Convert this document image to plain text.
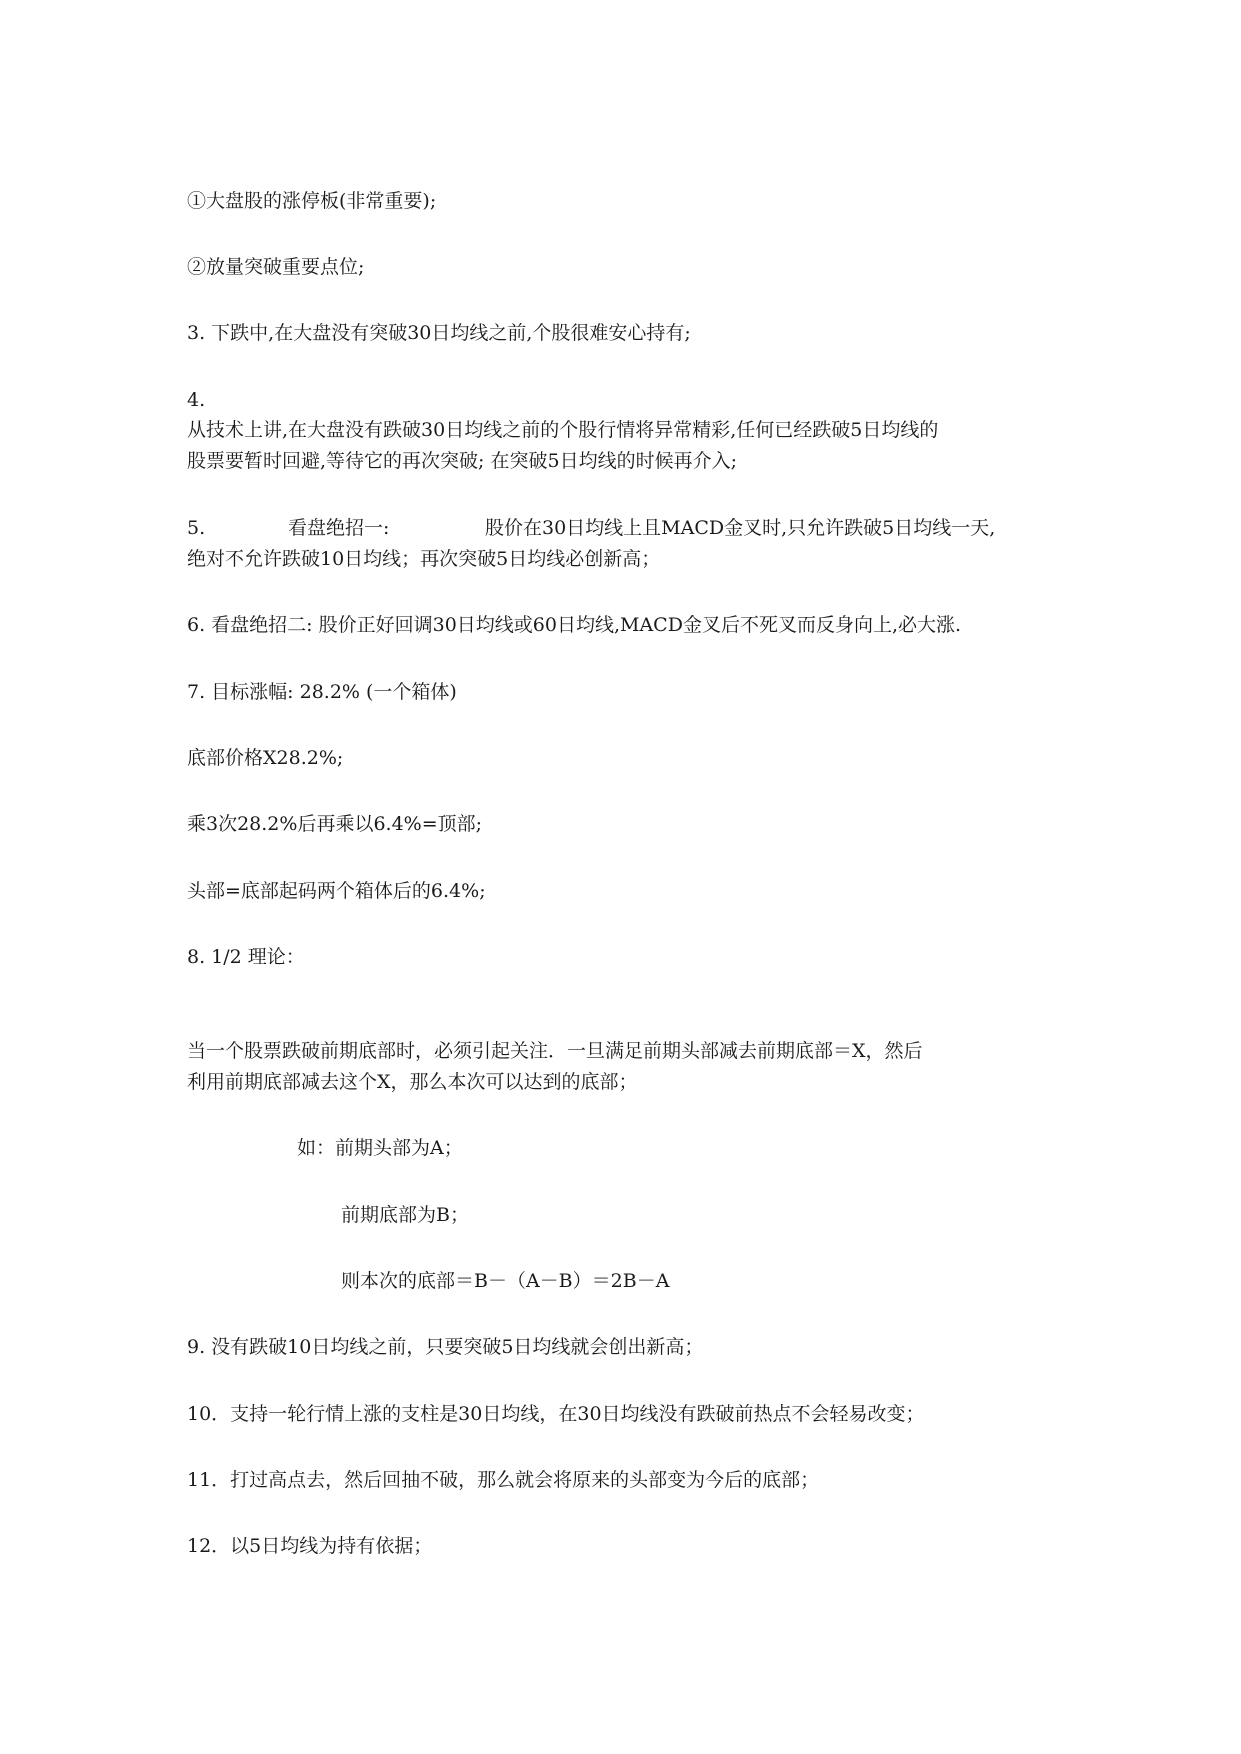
①大盘股的涨停板(非常重要);

②放量突破重要点位;

3. 下跌中,在大盘没有突破30日均线之前,个股很难安心持有;

4.

从技术上讲,在大盘没有跌破30日均线之前的个股行情将异常精彩,任何已经跌破5日均线的

股票要暂时回避,等待它的再次突破; 在突破5日均线的时候再介入;

5.	看盘绝招一:	股价在30日均线上且MACD金叉时,只允许跌破5日均线一天,

绝对不允许跌破10日均线；再次突破5日均线必创新高；

6. 看盘绝招二: 股价正好回调30日均线或60日均线,MACD金叉后不死叉而反身向上,必大涨.

7. 目标涨幅: 28.2% (一个箱体)

底部价格X28.2%;

乘3次28.2%后再乘以6.4%=顶部;

头部=底部起码两个箱体后的6.4%;

8. 1/2 理论：

当一个股票跌破前期底部时，必须引起关注．一旦满足前期头部减去前期底部＝X，然后

利用前期底部减去这个X，那么本次可以达到的底部；

如：前期头部为A；

前期底部为B；

则本次的底部＝B－（A－B）＝2B－A

9. 没有跌破10日均线之前，只要突破5日均线就会创出新高；

10．支持一轮行情上涨的支柱是30日均线，在30日均线没有跌破前热点不会轻易改变；

11．打过高点去，然后回抽不破，那么就会将原来的头部变为今后的底部；

12．以5日均线为持有依据；
